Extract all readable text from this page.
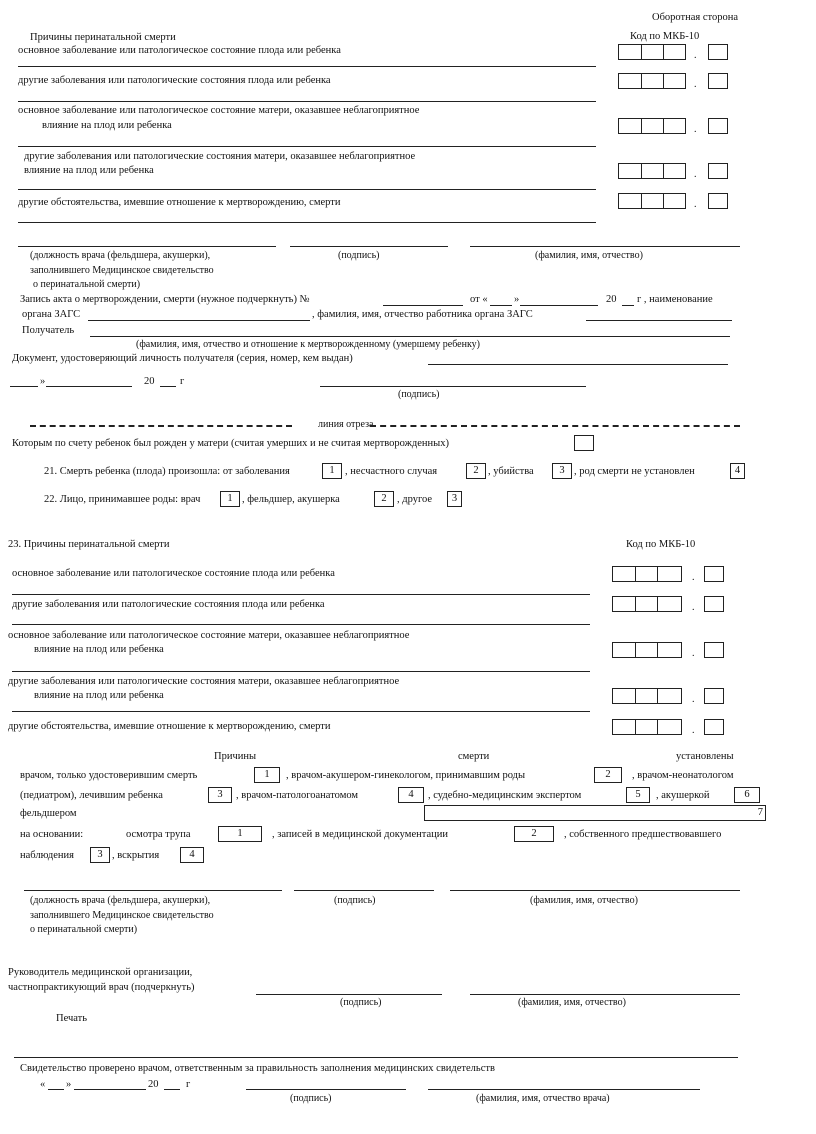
Оборотная сторона
Причины перинатальной смерти	Код по МКБ-10
основное заболевание или патологическое состояние плода или ребенка	.
другие заболевания или патологические состояния плода или ребенка	.
основное заболевание или патологическое состояние матери, оказавшее неблагоприятное
влияние на плод или ребенка	.
другие заболевания или патологические состояния матери, оказавшее неблагоприятное
влияние на плод или ребенка	.
другие обстоятельства, имевшие отношение к мертворождению, смерти	.
(должность врача (фельдшера, акушерки),
заполнившего Медицинское свидетельство
о перинатальной смерти)
(подпись)	(фамилия, имя, отчество)
Запись акта о мертворождении, смерти (нужное подчеркнуть) №	от «	»	20 г , наименование
органа ЗАГС	, фамилия, имя, отчество работника органа ЗАГС
Получатель
(фамилия, имя, отчество и отношение к мертворожденному (умершему ребенку)
Документ, удостоверяющий личность получателя (серия, номер, кем выдан)
»	20 г
(подпись)
линия отреза
Которым по счету ребенок был рожден у матери (считая умерших и не считая мертворожденных)
21. Смерть ребенка (плода) произошла: от заболевания	1 , несчастного случая	2 , убийства	3 , род смерти не установлен	4
22. Лицо, принимавшее роды: врач	1 , фельдшер, акушерка	2 , другое	3
23. Причины перинатальной смерти	Код по МКБ-10
основное заболевание или патологическое состояние плода или ребенка	.
другие заболевания или патологические состояния плода или ребенка	.
основное заболевание или патологическое состояние матери, оказавшее неблагоприятное
влияние на плод или ребенка	.
другие заболевания или патологические состояния матери, оказавшее неблагоприятное
влияние на плод или ребенка	.
другие обстоятельства, имевшие отношение к мертворождению, смерти	.
Причины	смерти	установлены
врачом, только удостоверившим смерть	1	, врачом-акушером-гинекологом, принимавшим роды	2	, врачом-неонатологом
(педиатром), лечившим ребенка	3	, врачом-патологоанатомом	4	, судебно-медицинским экспертом	5	, акушеркой	6
фельдшером	7
на основании:	осмотра трупа	1	, записей в медицинской документации	2	, собственного предшествовавшего
наблюдения	3 , вскрытия	4
(должность врача (фельдшера, акушерки),
заполнившего Медицинское свидетельство
о перинатальной смерти)
(подпись)	(фамилия, имя, отчество)
Руководитель медицинской организации,
частнопрактикующий врач (подчеркнуть)
(подпись)	(фамилия, имя, отчество)
Печать
Свидетельство проверено врачом, ответственным за правильность заполнения медицинских свидетельств
« »	20	г
(подпись)	(фамилия, имя, отчество врача)
